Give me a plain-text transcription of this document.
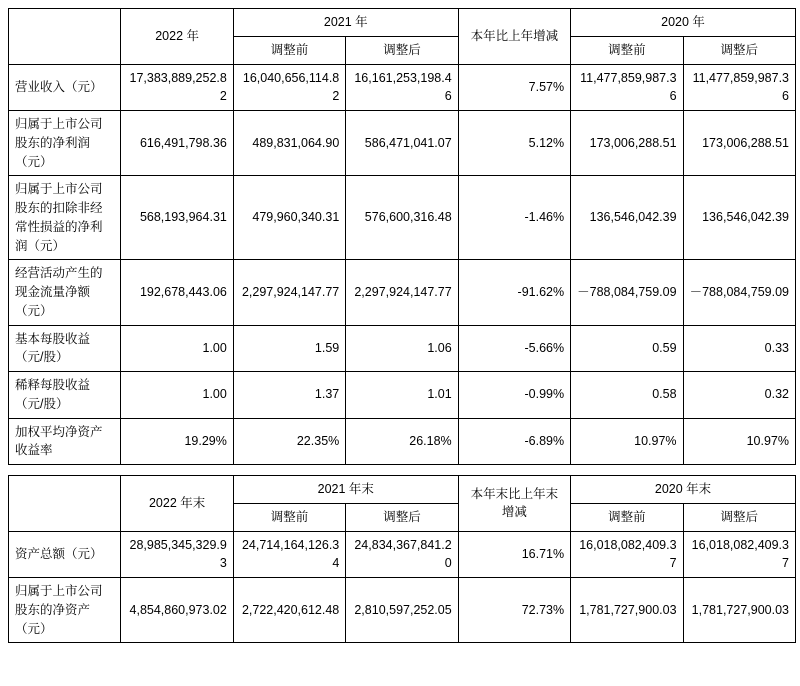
	2022 年	2021 年		本年比上年增减	2020 年	
		调整前	调整后		调整前	调整后
营业收入（元）	17,383,889,252.82	16,040,656,114.82	16,161,253,198.46	7.57%	11,477,859,987.36	11,477,859,987.36
归属于上市公司股东的净利润（元）	616,491,798.36	489,831,064.90	586,471,041.07	5.12%	173,006,288.51	173,006,288.51
归属于上市公司股东的扣除非经常性损益的净利润（元）	568,193,964.31	479,960,340.31	576,600,316.48	-1.46%	136,546,042.39	136,546,042.39
经营活动产生的现金流量净额（元）	192,678,443.06	2,297,924,147.77	2,297,924,147.77	-91.62%	－788,084,759.09	－788,084,759.09
基本每股收益（元/股）	1.00	1.59	1.06	-5.66%	0.59	0.33
稀释每股收益（元/股）	1.00	1.37	1.01	-0.99%	0.58	0.32
加权平均净资产收益率	19.29%	22.35%	26.18%	-6.89%	10.97%	10.97%
	2022 年末	2021 年末		本年末比上年末增减	2020 年末	
		调整前	调整后		调整前	调整后
资产总额（元）	28,985,345,329.93	24,714,164,126.34	24,834,367,841.20	16.71%	16,018,082,409.37	16,018,082,409.37
归属于上市公司股东的净资产（元）	4,854,860,973.02	2,722,420,612.48	2,810,597,252.05	72.73%	1,781,727,900.03	1,781,727,900.03
